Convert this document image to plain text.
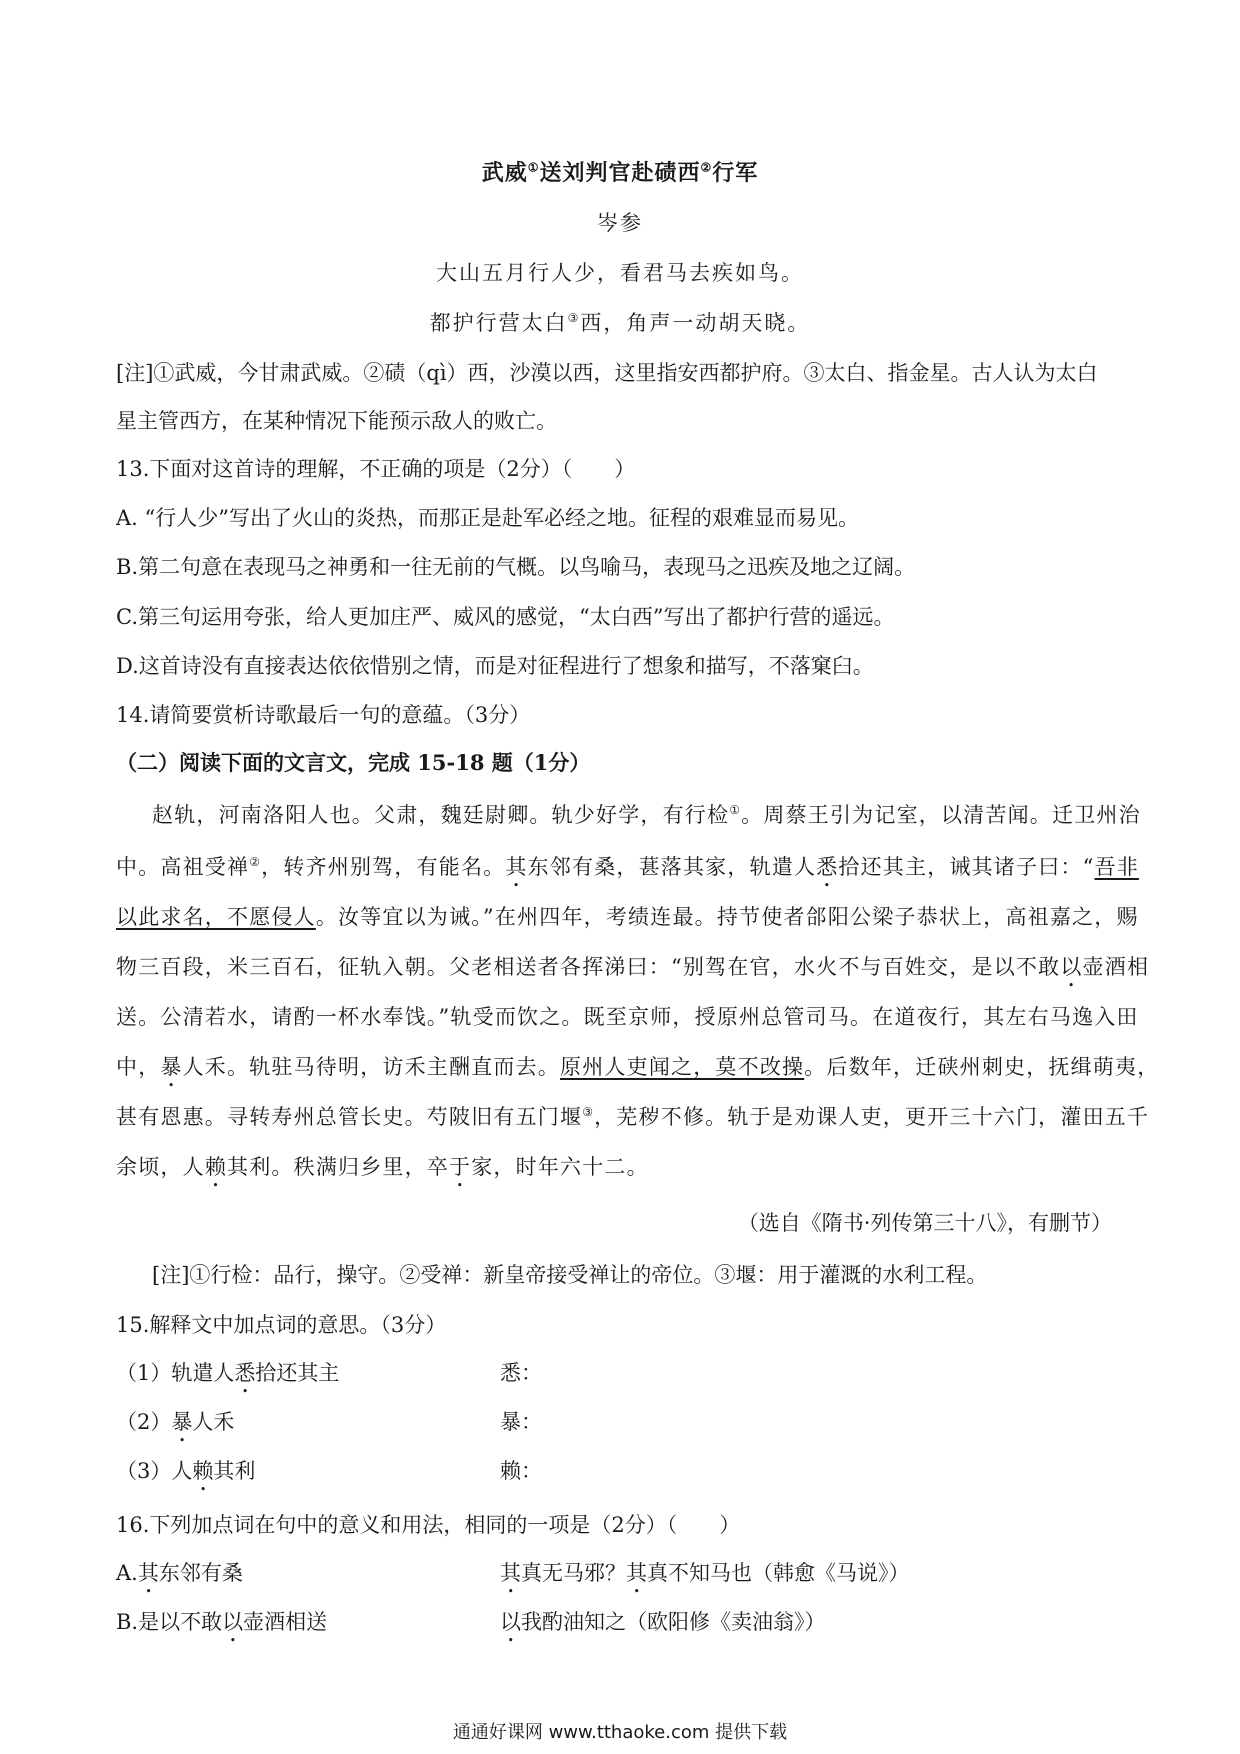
武威①送刘判官赴碛西②行军
岑参
大山五月行人少，看君马去疾如鸟。
都护行营太白③西，角声一动胡天晓。
[注]①武威，今甘肃武威。②碛（qì）西，沙漠以西，这里指安西都护府。③太白、指金星。古人认为太白
星主管西方，在某种情况下能预示敌人的败亡。
13.下面对这首诗的理解，不正确的项是（2分）（　　）
A. “行人少”写出了火山的炎热，而那正是赴军必经之地。征程的艰难显而易见。
B.第二句意在表现马之神勇和一往无前的气概。以鸟喻马，表现马之迅疾及地之辽阔。
C.第三句运用夸张，给人更加庄严、威风的感觉，“太白西”写出了都护行营的遥远。
D.这首诗没有直接表达依依惜别之情，而是对征程进行了想象和描写，不落窠臼。
14.请简要赏析诗歌最后一句的意蕴。（3分）
（二）阅读下面的文言文，完成 15-18 题（1分）
赵轨，河南洛阳人也。父肃，魏廷尉卿。轨少好学，有行检①。周蔡王引为记室，以清苦闻。迁卫州治
中。高祖受禅②，转齐州别驾，有能名。其东邻有桑，葚落其家，轨遣人悉拾还其主，诫其诸子曰：“吾非
以此求名，不愿侵人。汝等宜以为诫。”在州四年，考绩连最。持节使者郃阳公梁子恭状上，高祖嘉之，赐
物三百段，米三百石，征轨入朝。父老相送者各挥涕曰：“别驾在官，水火不与百姓交，是以不敢以壶酒相
送。公清若水，请酌一杯水奉饯。”轨受而饮之。既至京师，授原州总管司马。在道夜行，其左右马逸入田
中，暴人禾。轨驻马待明，访禾主酬直而去。原州人吏闻之，莫不改操。后数年，迁硖州刺史，抚缉萌夷，
甚有恩惠。寻转寿州总管长史。芍陂旧有五门堰③，芜秽不修。轨于是劝课人吏，更开三十六门，灌田五千
余顷，人赖其利。秩满归乡里，卒于家，时年六十二。
（选自《隋书·列传第三十八》，有删节）
[注]①行检：品行，操守。②受禅：新皇帝接受禅让的帝位。③堰：用于灌溉的水利工程。
15.解释文中加点词的意思。（3分）
（1）轨遣人悉拾还其主	悉：
（2）暴人禾	暴：
（3）人赖其利	赖：
16.下列加点词在句中的意义和用法，相同的一项是（2分）（　　）
A.其东邻有桑	其真无马邪？其真不知马也（韩愈《马说》）
B.是以不敢以壶酒相送	以我酌油知之（欧阳修《卖油翁》）
通通好课网 www.tthaoke.com 提供下载
